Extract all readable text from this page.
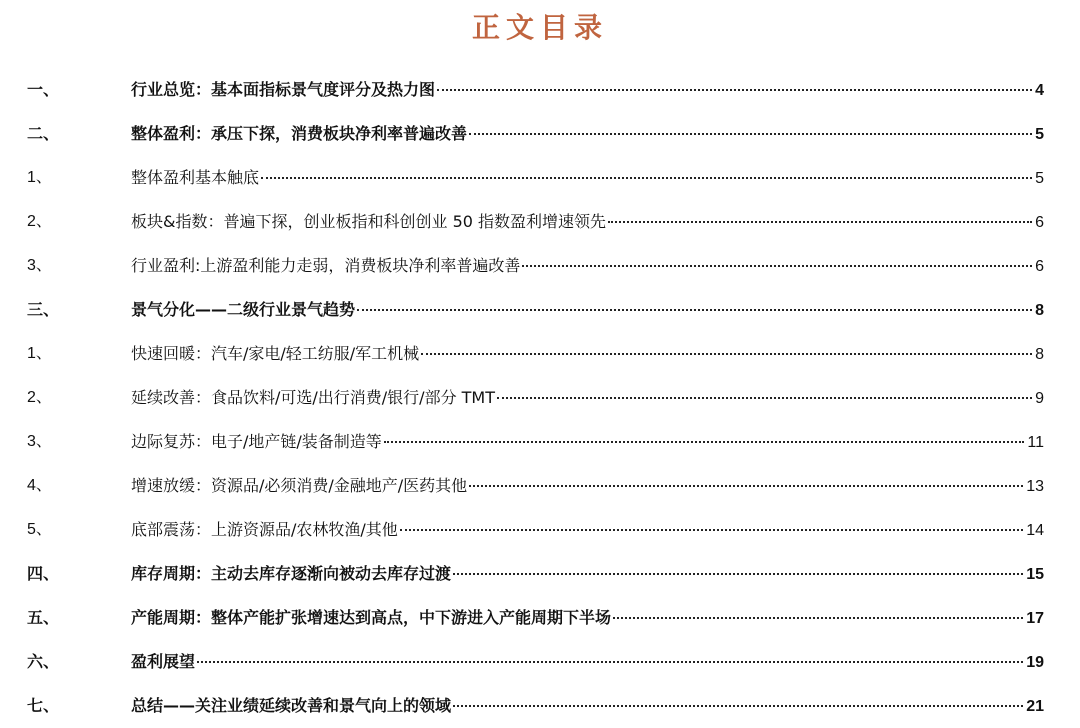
正文目录
一、	行业总览：基本面指标景气度评分及热力图	4
二、	整体盈利：承压下探，消费板块净利率普遍改善	5
1、	整体盈利基本触底	5
2、	板块&指数：普遍下探，创业板指和科创创业 50 指数盈利增速领先	6
3、	行业盈利:上游盈利能力走弱，消费板块净利率普遍改善	6
三、	景气分化——二级行业景气趋势	8
1、	快速回暖：汽车/家电/轻工纺服/军工机械	8
2、	延续改善：食品饮料/可选/出行消费/银行/部分 TMT	9
3、	边际复苏：电子/地产链/装备制造等	11
4、	增速放缓：资源品/必须消费/金融地产/医药其他	13
5、	底部震荡：上游资源品/农林牧渔/其他	14
四、	库存周期：主动去库存逐渐向被动去库存过渡	15
五、	产能周期：整体产能扩张增速达到高点，中下游进入产能周期下半场	17
六、	盈利展望	19
七、	总结——关注业绩延续改善和景气向上的领域	21
